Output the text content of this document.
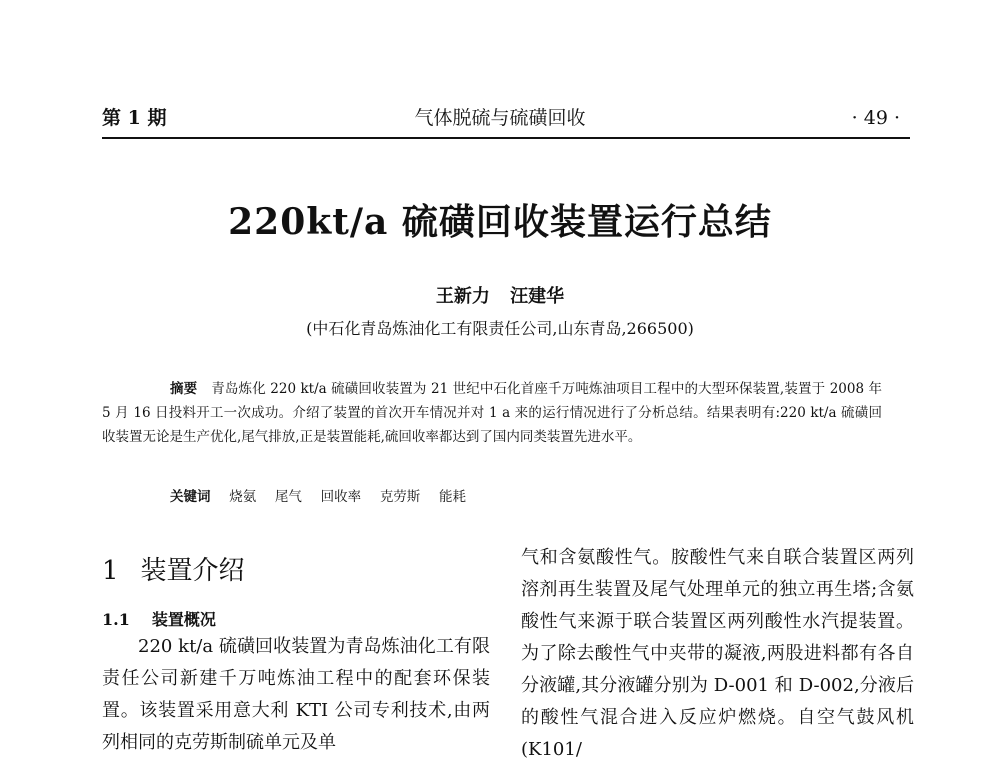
第 1 期	气体脱硫与硫磺回收	· 49 ·
220kt/a 硫磺回收装置运行总结
王新力 汪建华
(中石化青岛炼油化工有限责任公司,山东青岛,266500)
摘要 青岛炼化 220 kt/a 硫磺回收装置为 21 世纪中石化首座千万吨炼油项目工程中的大型环保装置,装置于 2008 年 5 月 16 日投料开工一次成功。介绍了装置的首次开车情况并对 1 a 来的运行情况进行了分析总结。结果表明有:220 kt/a 硫磺回收装置无论是生产优化,尾气排放,正是装置能耗,硫回收率都达到了国内同类装置先进水平。
关键词 烧氨 尾气 回收率 克劳斯 能耗
1 装置介绍
1.1 装置概况

220 kt/a 硫磺回收装置为青岛炼油化工有限责任公司新建千万吨炼油工程中的配套环保装置。该装置采用意大利 KTI 公司专利技术,由两列相同的克劳斯制硫单元及单

气和含氨酸性气。胺酸性气来自联合装置区两列溶剂再生装置及尾气处理单元的独立再生塔;含氨酸性气来源于联合装置区两列酸性水汽提装置。为了除去酸性气中夹带的凝液,两股进料都有各自分液罐,其分液罐分别为 D-001 和 D-002,分液后的酸性气混合进入反应炉燃烧。自空气鼓风机(K101/
